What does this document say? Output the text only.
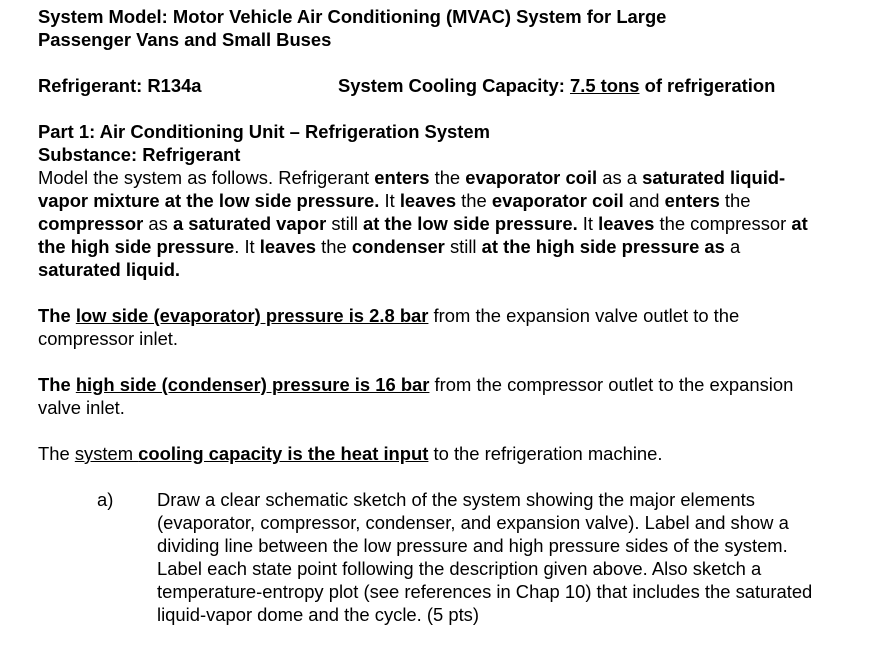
System Model: Motor Vehicle Air Conditioning (MVAC) System for Large Passenger Vans and Small Buses

Refrigerant: R134a	System Cooling Capacity: 7.5 tons of refrigeration

Part 1: Air Conditioning Unit – Refrigeration System

Substance: Refrigerant

Model the system as follows. Refrigerant enters the evaporator coil as a saturated liquid-vapor mixture at the low side pressure. It leaves the evaporator coil and enters the compressor as a saturated vapor still at the low side pressure. It leaves the compressor at the high side pressure. It leaves the condenser still at the high side pressure as a saturated liquid.

The low side (evaporator) pressure is 2.8 bar from the expansion valve outlet to the compressor inlet.

The high side (condenser) pressure is 16 bar from the compressor outlet to the expansion valve inlet.

The system cooling capacity is the heat input to the refrigeration machine.

a) Draw a clear schematic sketch of the system showing the major elements (evaporator, compressor, condenser, and expansion valve). Label and show a dividing line between the low pressure and high pressure sides of the system. Label each state point following the description given above. Also sketch a temperature-entropy plot (see references in Chap 10) that includes the saturated liquid-vapor dome and the cycle. (5 pts)
